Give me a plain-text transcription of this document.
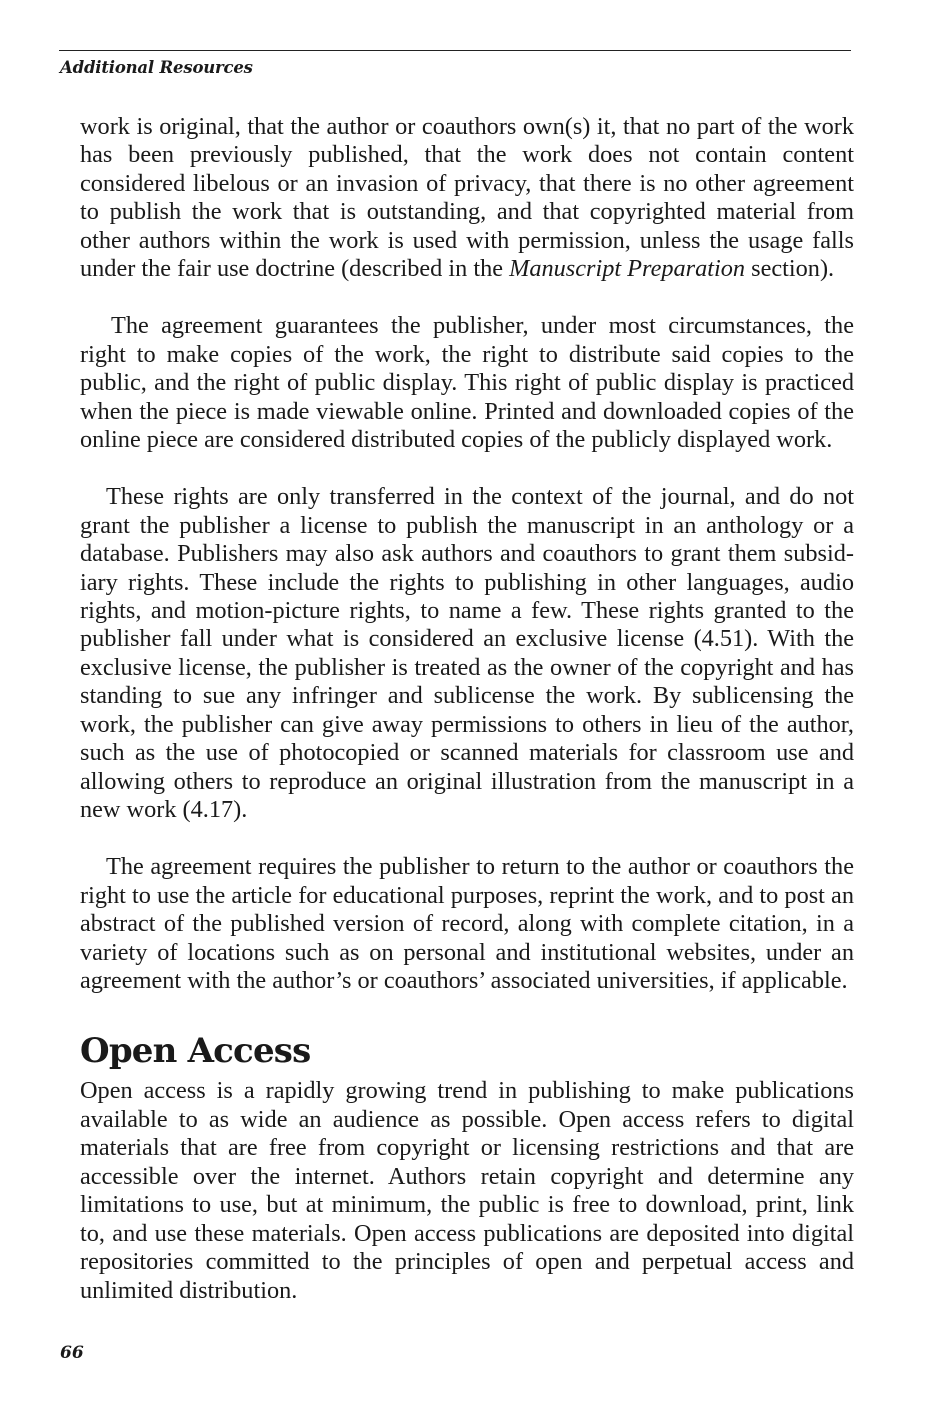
Additional Resources

work is original, that the author or coauthors own(s) it, that no part of the work has been previously published, that the work does not contain content considered libelous or an invasion of privacy, that there is no other agreement to publish the work that is outstanding, and that copyrighted material from other authors within the work is used with permission, unless the usage falls under the fair use doctrine (described in the Manuscript Preparation section).

The agreement guarantees the publisher, under most circumstances, the right to make copies of the work, the right to distribute said copies to the public, and the right of public display. This right of public display is practiced when the piece is made viewable online. Printed and downloaded copies of the online piece are considered distributed copies of the publicly displayed work.

These rights are only transferred in the context of the journal, and do not grant the publisher a license to publish the manuscript in an anthology or a database. Publishers may also ask authors and coauthors to grant them subsidiary rights. These include the rights to publishing in other languages, audio rights, and motion-picture rights, to name a few. These rights granted to the publisher fall under what is considered an exclusive license (4.51). With the exclusive license, the publisher is treated as the owner of the copyright and has standing to sue any infringer and sublicense the work. By sublicensing the work, the publisher can give away permissions to others in lieu of the author, such as the use of photocopied or scanned materials for classroom use and allowing others to reproduce an original illustration from the manuscript in a new work (4.17).

The agreement requires the publisher to return to the author or coauthors the right to use the article for educational purposes, reprint the work, and to post an abstract of the published version of record, along with complete citation, in a variety of locations such as on personal and institutional websites, under an agreement with the author’s or coauthors’ associated universities, if applicable.

Open Access

Open access is a rapidly growing trend in publishing to make publications available to as wide an audience as possible. Open access refers to digital materials that are free from copyright or licensing restrictions and that are accessible over the internet. Authors retain copyright and determine any limitations to use, but at minimum, the public is free to download, print, link to, and use these materials. Open access publications are deposited into digital repositories committed to the principles of open and perpetual access and unlimited distribution.

66
